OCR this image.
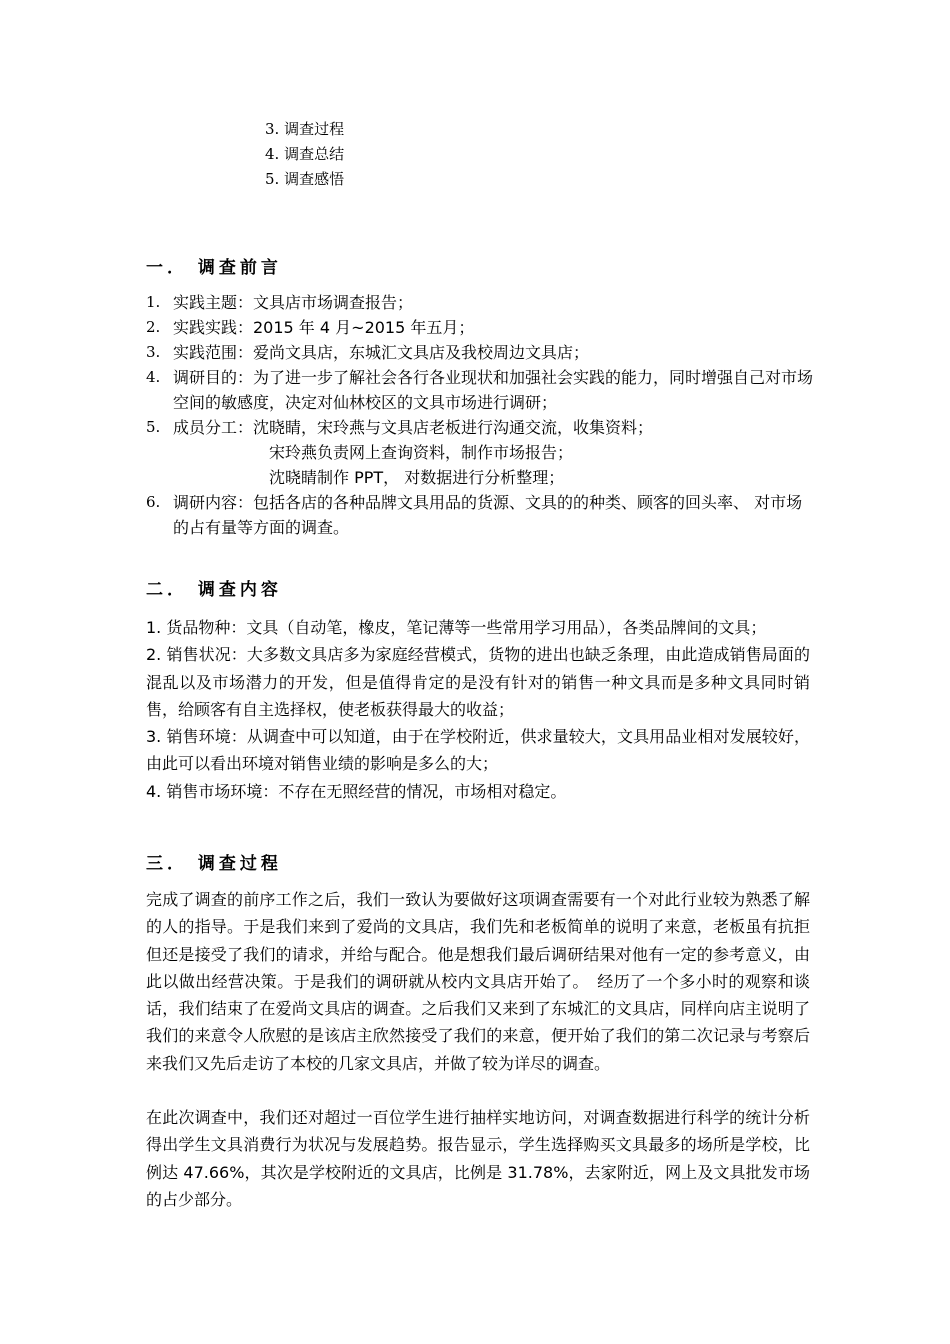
3. 调查过程
4. 调查总结
5. 调查感悟
一． 调查前言
1. 实践主题：文具店市场调查报告；
2. 实践实践：2015 年 4 月~2015 年五月；
3. 实践范围：爱尚文具店，东城汇文具店及我校周边文具店；
4. 调研目的：为了进一步了解社会各行各业现状和加强社会实践的能力，同时增强自己对市场空间的敏感度，决定对仙林校区的文具市场进行调研；
5. 成员分工：沈晓睛，宋玲燕与文具店老板进行沟通交流，收集资料；
宋玲燕负责网上查询资料，制作市场报告；
沈晓睛制作 PPT， 对数据进行分析整理；
6. 调研内容：包括各店的各种品牌文具用品的货源、文具的的种类、顾客的回头率、 对市场的占有量等方面的调查。
二． 调查内容

1. 货品物种：文具（自动笔，橡皮，笔记薄等一些常用学习用品），各类品牌间的文具；

2. 销售状况：大多数文具店多为家庭经营模式，货物的进出也缺乏条理，由此造成销售局面的混乱以及市场潜力的开发，但是值得肯定的是没有针对的销售一种文具而是多种文具同时销售，给顾客有自主选择权，使老板获得最大的收益；

3. 销售环境：从调查中可以知道，由于在学校附近，供求量较大，文具用品业相对发展较好，由此可以看出环境对销售业绩的影响是多么的大；

4. 销售市场环境：不存在无照经营的情况，市场相对稳定。

三． 调查过程
完成了调查的前序工作之后，我们一致认为要做好这项调查需要有一个对此行业较为熟悉了解的人的指导。于是我们来到了爱尚的文具店，我们先和老板简单的说明了来意，老板虽有抗拒但还是接受了我们的请求，并给与配合。他是想我们最后调研结果对他有一定的参考意义，由此以做出经营决策。于是我们的调研就从校内文具店开始了。　经历了一个多小时的观察和谈话，我们结束了在爱尚文具店的调查。之后我们又来到了东城汇的文具店，同样向店主说明了我们的来意令人欣慰的是该店主欣然接受了我们的来意，便开始了我们的第二次记录与考察后来我们又先后走访了本校的几家文具店，并做了较为详尽的调查。
在此次调查中，我们还对超过一百位学生进行抽样实地访问，对调查数据进行科学的统计分析得出学生文具消费行为状况与发展趋势。报告显示，学生选择购买文具最多的场所是学校，比例达 47.66%，其次是学校附近的文具店，比例是 31.78%，去家附近，网上及文具批发市场的占少部分。
